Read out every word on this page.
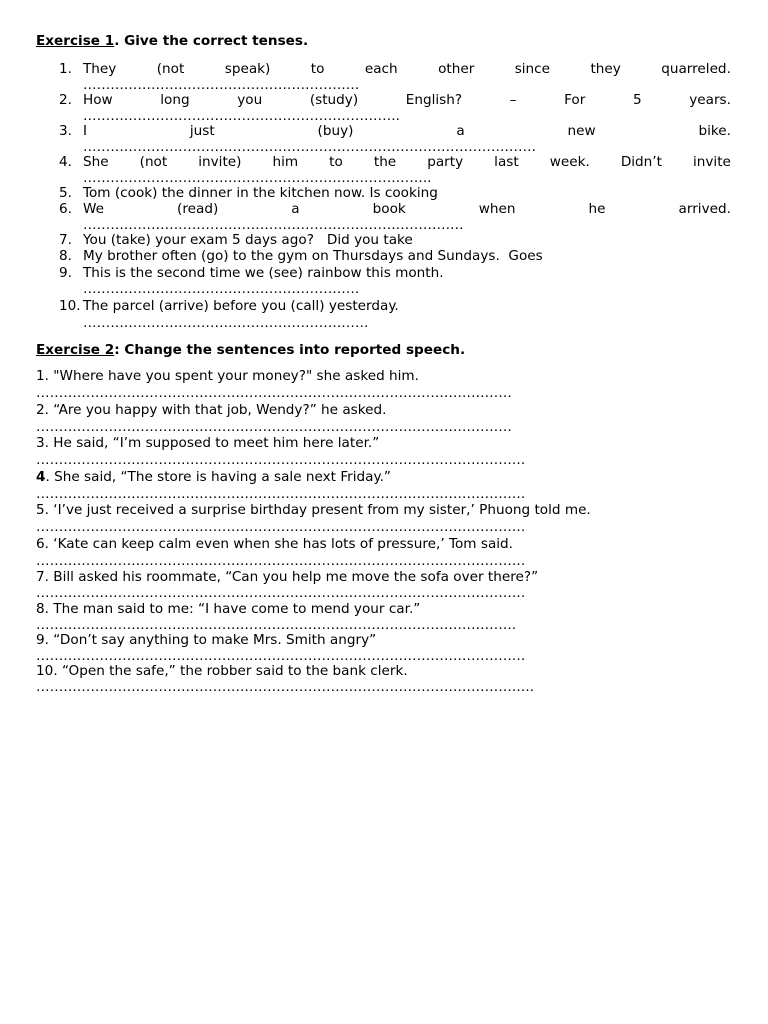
Exercise 1. Give the correct tenses.
1. They	(not	speak)	to	each	other	since	they	quarreled.
…………………………………………………….
2. How	long	you	(study)	English?	–	For	5	years.
…………………………………………………………….
3. I	just	(buy)	a	new	bike.
……………………………………………………………………………………….
4. She (not invite) him to the party last week. Didn’t invite
…………………………………………………………………..
5. Tom (cook) the dinner in the kitchen now. Is cooking
6. We	(read)	a	book	when	he	arrived.
…………………………………………………………………………
7. You (take) your exam 5 days ago?   Did you take
8. My brother often (go) to the gym on Thursdays and Sundays.  Goes
9. This is the second time we (see) rainbow this month.
…………………………………………………….
10. The parcel (arrive) before you (call) yesterday.
………………………………………………………
Exercise 2: Change the sentences into reported speech.
1. "Where have you spent your money?" she asked him.
……………………………………………………………………………………………
2. “Are you happy with that job, Wendy?” he asked.
……………………………………………………………………………………………
3. He said, “I’m supposed to meet him here later.”
………………………………………………………………………………………………
4. She said, “The store is having a sale next Friday.”
………………………………………………………………………………………………
5. ‘I’ve just received a surprise birthday present from my sister,’ Phuong told me.
………………………………………………………………………………………………
6. ‘Kate can keep calm even when she has lots of pressure,’ Tom said.
………………………………………………………………………………………………
7. Bill asked his roommate, “Can you help me move the sofa over there?”
………………………………………………………………………………………………
8. The man said to me: “I have come to mend your car.”
…………………………………………………………………………………………….
9. “Don’t say anything to make Mrs. Smith angry”
………………………………………………………………………………………………
10. “Open the safe,” the robber said to the bank clerk.
………………………………………………………………………………………………..
